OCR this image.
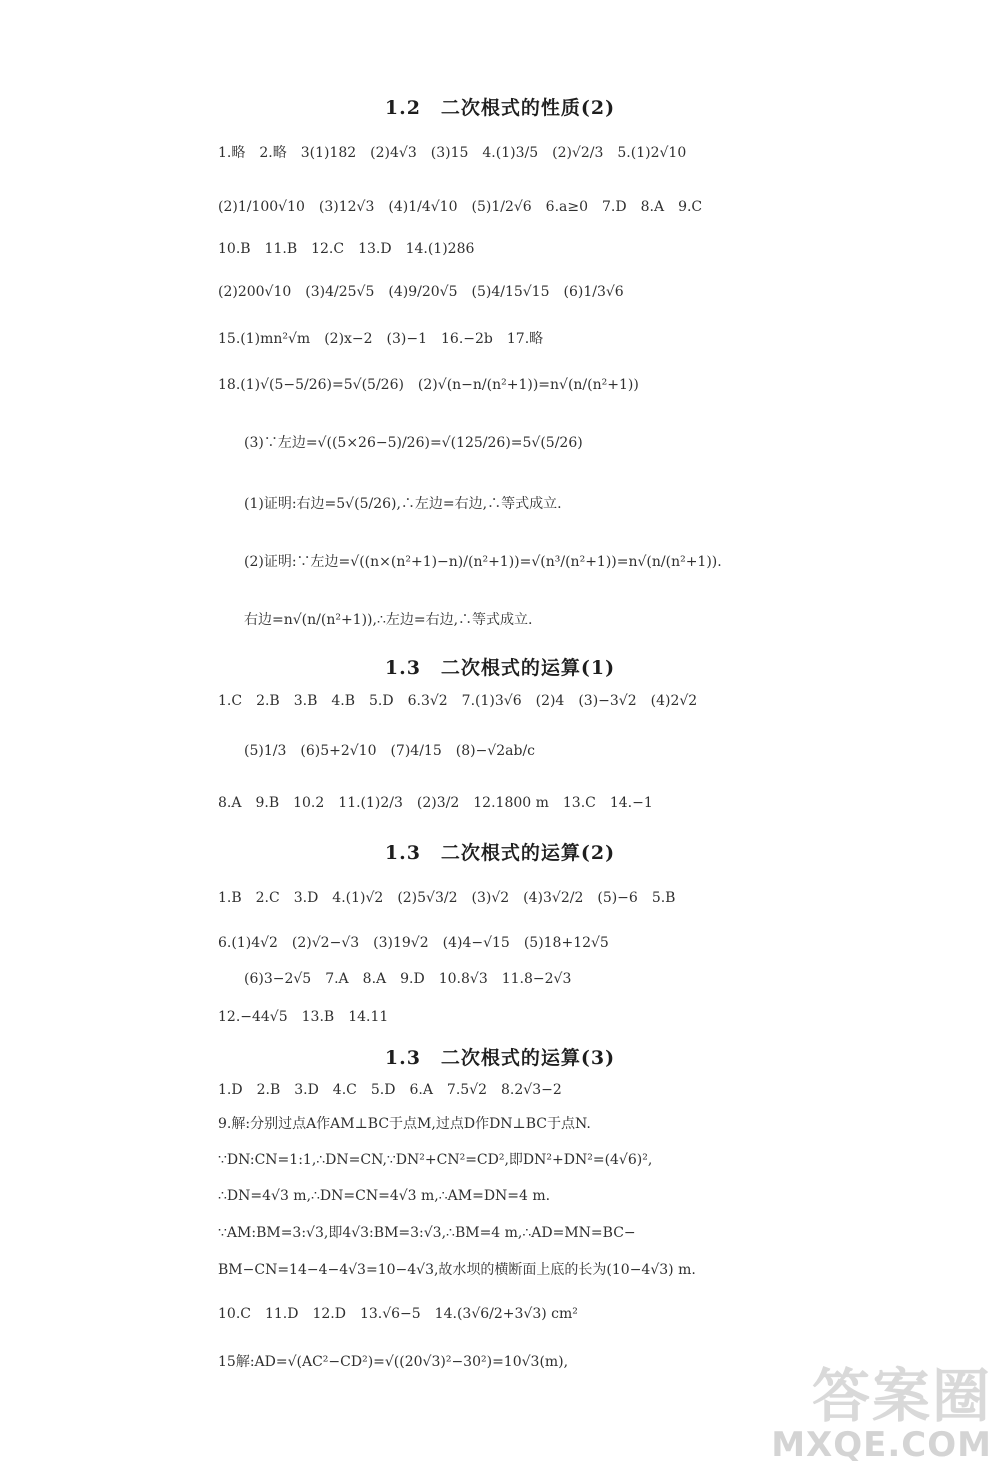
1.2　二次根式的性质(2)
1.略　2.略　3(1)182　(2)4√3　(3)15　4.(1)3/5　(2)√2/3　5.(1)2√10
(2)1/100√10　(3)12√3　(4)1/4√10　(5)1/2√6　6.a≥0　7.D　8.A　9.C
10.B　11.B　12.C　13.D　14.(1)286
(2)200√10　(3)4/25√5　(4)9/20√5　(5)4/15√15　(6)1/3√6
15.(1)mn²√m　(2)x−2　(3)−1　16.−2b　17.略
18.(1)√(5−5/26)=5√(5/26)　(2)√(n−n/(n²+1))=n√(n/(n²+1))
(3)∵左边=√((5×26−5)/26)=√(125/26)=5√(5/26)
(1)证明:右边=5√(5/26),∴左边=右边,∴等式成立.
(2)证明:∵左边=√((n×(n²+1)−n)/(n²+1))=√(n³/(n²+1))=n√(n/(n²+1)).
右边=n√(n/(n²+1)),∴左边=右边,∴等式成立.
1.3　二次根式的运算(1)
1.C　2.B　3.B　4.B　5.D　6.3√2　7.(1)3√6　(2)4　(3)−3√2　(4)2√2
(5)1/3　(6)5+2√10　(7)4/15　(8)−√2ab/c
8.A　9.B　10.2　11.(1)2/3　(2)3/2　12.1800 m　13.C　14.−1
1.3　二次根式的运算(2)
1.B　2.C　3.D　4.(1)√2　(2)5√3/2　(3)√2　(4)3√2/2　(5)−6　5.B
6.(1)4√2　(2)√2−√3　(3)19√2　(4)4−√15　(5)18+12√5
(6)3−2√5　7.A　8.A　9.D　10.8√3　11.8−2√3
12.−44√5　13.B　14.11
1.3　二次根式的运算(3)
1.D　2.B　3.D　4.C　5.D　6.A　7.5√2　8.2√3−2
9.解:分别过点A作AM⊥BC于点M,过点D作DN⊥BC于点N.
∵DN:CN=1:1,∴DN=CN,∵DN²+CN²=CD²,即DN²+DN²=(4√6)²,
∴DN=4√3 m,∴DN=CN=4√3 m,∴AM=DN=4 m.
∵AM:BM=3:√3,即4√3:BM=3:√3,∴BM=4 m,∴AD=MN=BC−
BM−CN=14−4−4√3=10−4√3,故水坝的横断面上底的长为(10−4√3) m.
10.C　11.D　12.D　13.√6−5　14.(3√6/2+3√3) cm²
15解:AD=√(AC²−CD²)=√((20√3)²−30²)=10√3(m),	答案圈
MXQE.COM
